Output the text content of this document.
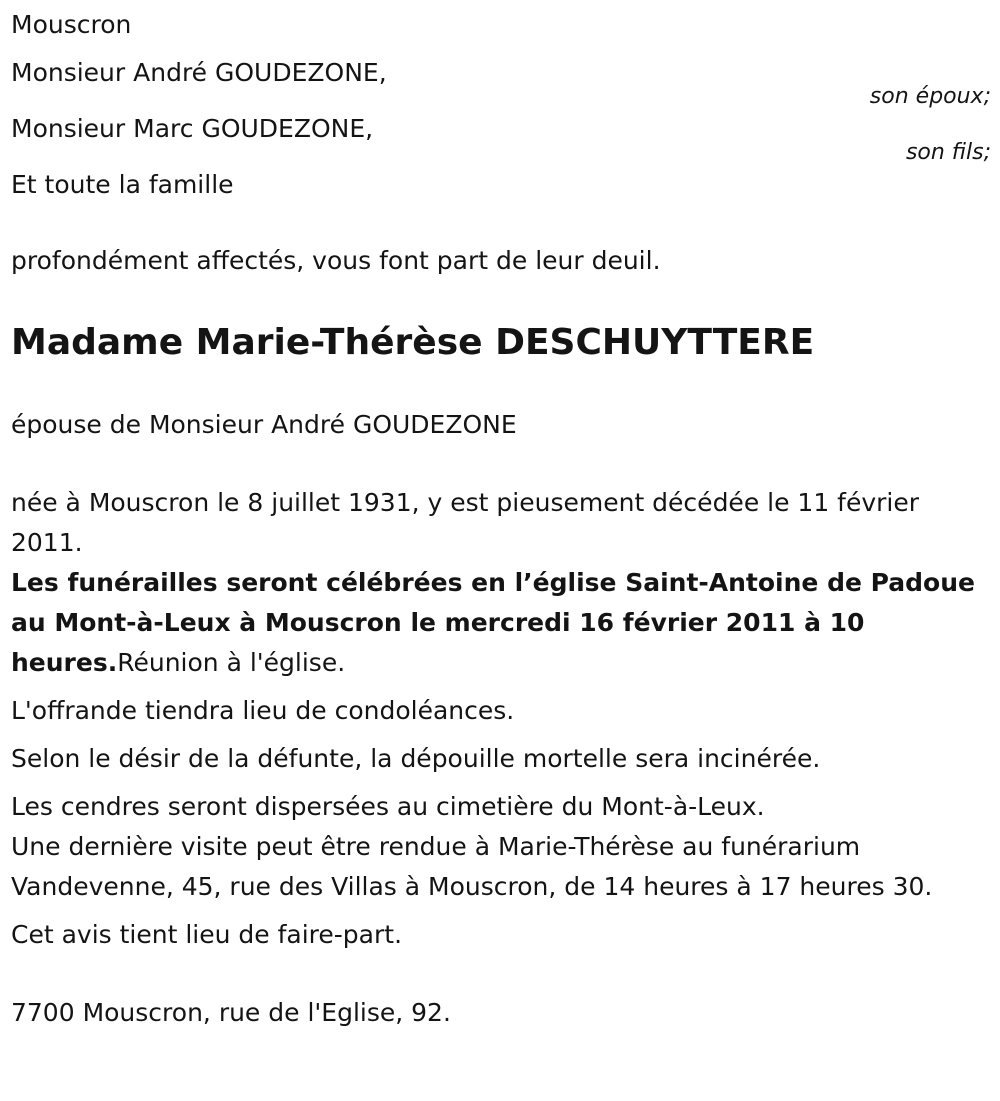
Mouscron
Monsieur André GOUDEZONE,
son époux;
Monsieur Marc GOUDEZONE,
son fils;
Et toute la famille
profondément affectés, vous font part de leur deuil.
Madame Marie-Thérèse DESCHUYTTERE
épouse de Monsieur André GOUDEZONE
née à Mouscron le 8 juillet 1931, y est pieusement décédée le 11 février 2011.

Les funérailles seront célébrées en l’église Saint-Antoine de Padoue au Mont-à-Leux à Mouscron le mercredi 16 février 2011 à 10 heures.Réunion à l'église.

L'offrande tiendra lieu de condoléances.
Selon le désir de la défunte, la dépouille mortelle sera incinérée.
Les cendres seront dispersées au cimetière du Mont-à-Leux.
Une dernière visite peut être rendue à Marie-Thérèse au funérarium Vandevenne, 45, rue des Villas à Mouscron, de 14 heures à 17 heures 30.
Cet avis tient lieu de faire-part.
7700 Mouscron, rue de l'Eglise, 92.
